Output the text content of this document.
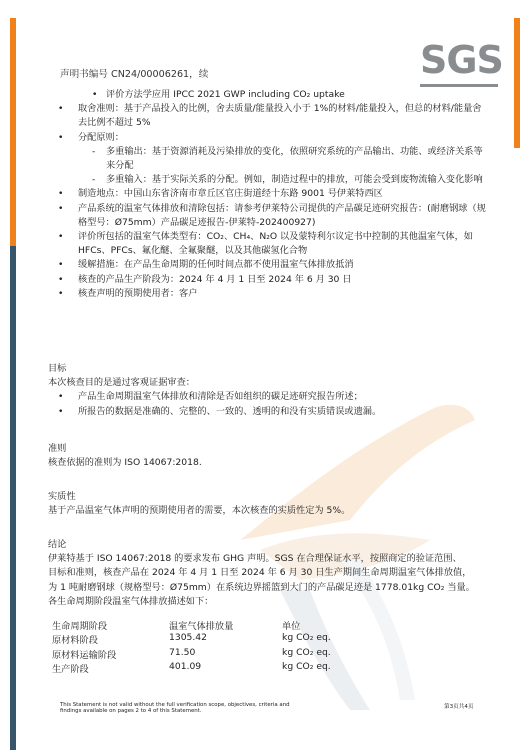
SGS
声明书编号 CN24/00006261，续
• 评价方法学应用 IPCC 2021 GWP including CO₂ uptake
• 取舍准则：基于产品投入的比例，舍去质量/能量投入小于 1%的材料/能量投入，但总的材料/能量舍去比例不超过 5%
• 分配原则：
- 多重输出：基于资源消耗及污染排放的变化，依照研究系统的产品输出、功能、或经济关系等来分配
- 多重输入：基于实际关系的分配。例如，制造过程中的排放，可能会受到废物流输入变化影响
• 制造地点：中国山东省济南市章丘区官庄街道经十东路 9001 号伊莱特西区
• 产品系统的温室气体排放和清除包括：请参考伊莱特公司提供的产品碳足迹研究报告：(耐磨钢球（规格型号：Ø75mm）产品碳足迹报告-伊莱特-202400927)
• 评价所包括的温室气体类型有：CO₂、CH₄、N₂O 以及蒙特利尔议定书中控制的其他温室气体，如 HFCs、PFCs、氟化醚、全氟聚醚，以及其他碳氢化合物
• 缓解措施：在产品生命周期的任何时间点都不使用温室气体排放抵消
• 核查的产品生产阶段为：2024 年 4 月 1 日至 2024 年 6 月 30 日
• 核查声明的预期使用者：客户
目标
本次核查目的是通过客观证据审查：
• 产品生命周期温室气体排放和清除是否如组织的碳足迹研究报告所述；
• 所报告的数据是准确的、完整的、一致的、透明的和没有实质错误或遗漏。
准则
核查依据的准则为 ISO 14067:2018.
实质性
基于产品温室气体声明的预期使用者的需要，本次核查的实质性定为 5%。
结论
伊莱特基于 ISO 14067:2018 的要求发布 GHG 声明。SGS 在合理保证水平，按照商定的验证范围、
目标和准则，核查产品在 2024 年 4 月 1 日至 2024 年 6 月 30 日生产期间生命周期温室气体排放值，
为 1 吨耐磨钢球（规格型号：Ø75mm）在系统边界摇篮到大门的产品碳足迹是 1778.01kg CO₂ 当量。
各生命周期阶段温室气体排放描述如下：
生命周期阶段	温室气体排放量	单位
原材料阶段	1305.42	kg CO₂ eq.
原材料运输阶段	71.50	kg CO₂ eq.
生产阶段	401.09	kg CO₂ eq.
This Statement is not valid without the full verification scope, objectives, criteria and findings available on pages 2 to 4 of this Statement.
第3页共4页
